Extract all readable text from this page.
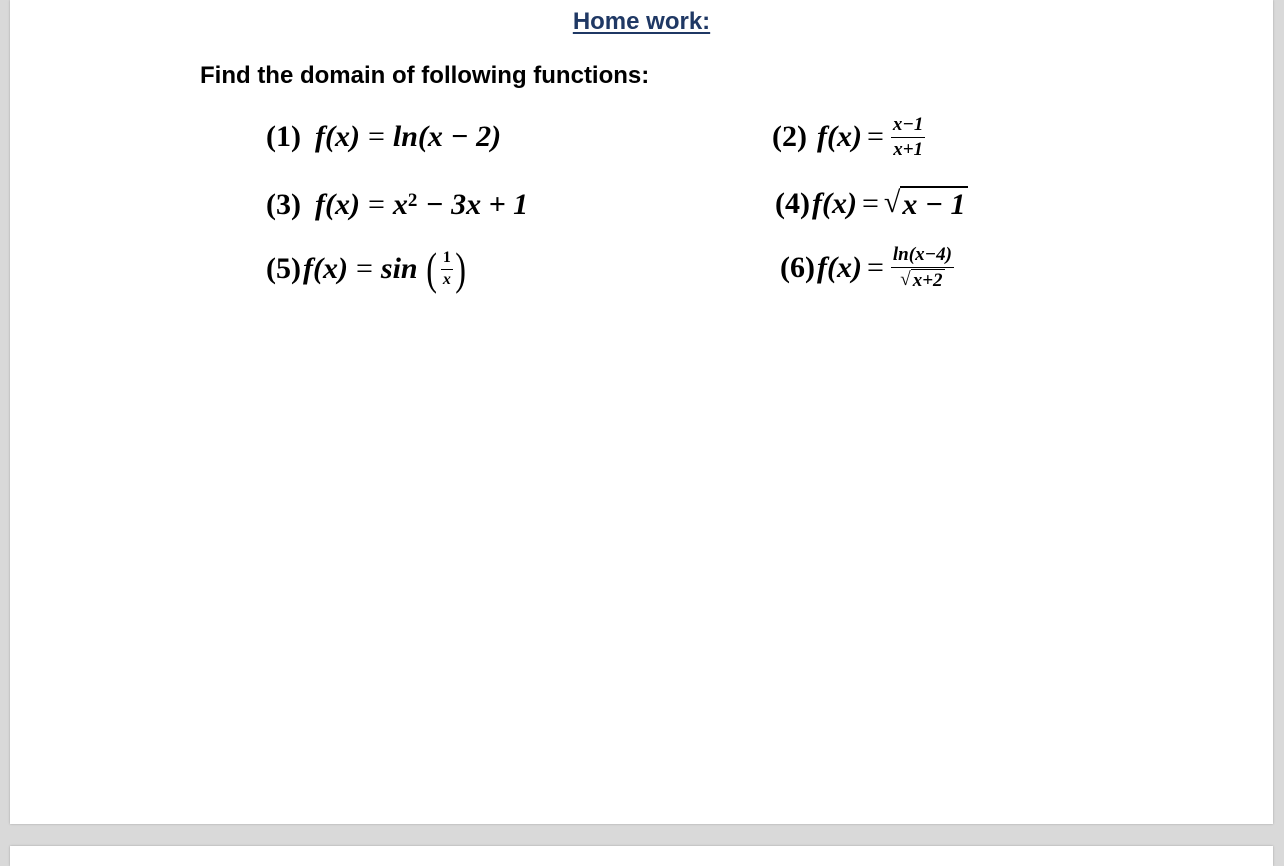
Home work:
Find the domain of following functions:
(1) f(x) = ln(x − 2)	(2) $f(x) = \frac{x-1}{x+1}$
(3) $f(x) = x^2 - 3x + 1$	(4) f(x) = √ x − 1
(5) f(x) = sin ( $\frac{1}{x}$ )	(6) $f(x) = \frac{\ln(x-4)}{√ x+2}$
